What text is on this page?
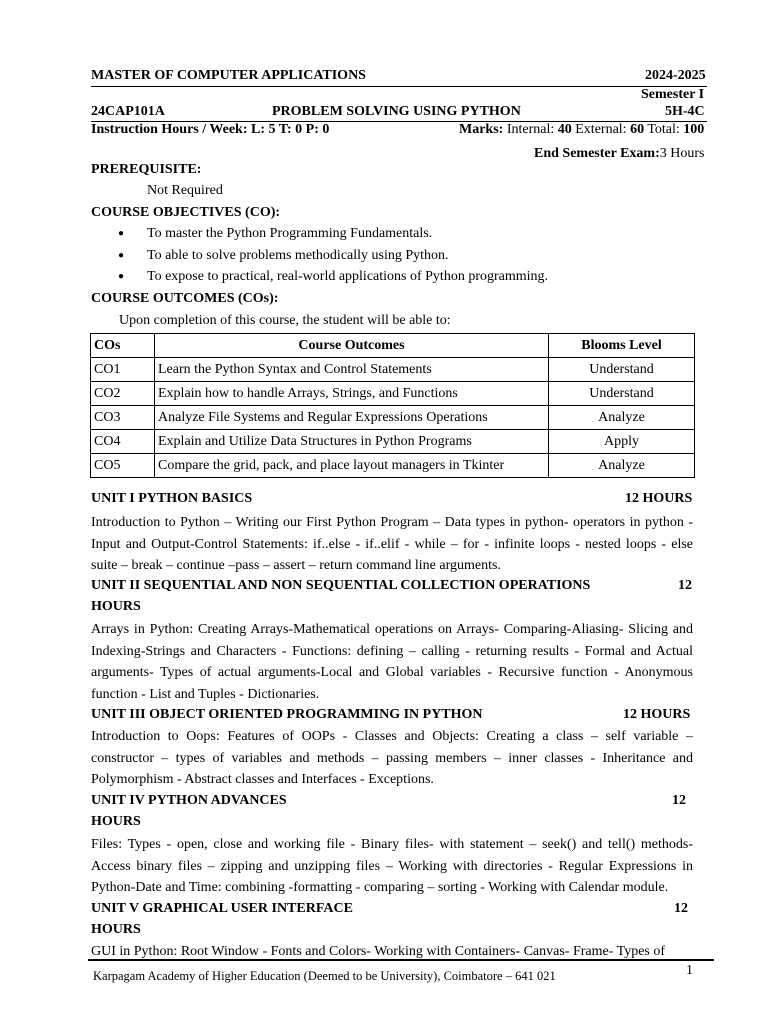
MASTER OF COMPUTER APPLICATIONS	2024-2025
Semester I
24CAP101A	PROBLEM SOLVING USING PYTHON	5H-4C
Instruction Hours / Week: L: 5 T: 0 P: 0	Marks: Internal: 40 External: 60 Total: 100
End Semester Exam:3 Hours
PREREQUISITE:
Not Required
COURSE OBJECTIVES (CO):
● To master the Python Programming Fundamentals.
● To able to solve problems methodically using Python.
● To expose to practical, real-world applications of Python programming.
COURSE OUTCOMES (COs):
Upon completion of this course, the student will be able to:
COs	Course Outcomes	Blooms Level
CO1	Learn the Python Syntax and Control Statements	Understand
CO2	Explain how to handle Arrays, Strings, and Functions	Understand
CO3	Analyze File Systems and Regular Expressions Operations	Analyze
CO4	Explain and Utilize Data Structures in Python Programs	Apply
CO5	Compare the grid, pack, and place layout managers in Tkinter	Analyze
UNIT I PYTHON BASICS	12 HOURS
Introduction to Python – Writing our First Python Program – Data types in python- operators in python - Input and Output-Control Statements: if..else - if..elif - while – for - infinite loops - nested loops - else suite – break – continue –pass – assert – return command line arguments.
UNIT II SEQUENTIAL AND NON SEQUENTIAL COLLECTION OPERATIONS	12
HOURS
Arrays in Python: Creating Arrays-Mathematical operations on Arrays- Comparing-Aliasing- Slicing and Indexing-Strings and Characters - Functions: defining – calling - returning results - Formal and Actual arguments- Types of actual arguments-Local and Global variables - Recursive function - Anonymous function - List and Tuples - Dictionaries.
UNIT III OBJECT ORIENTED PROGRAMMING IN PYTHON	12 HOURS
Introduction to Oops: Features of OOPs - Classes and Objects: Creating a class – self variable – constructor – types of variables and methods – passing members – inner classes - Inheritance and Polymorphism - Abstract classes and Interfaces - Exceptions.
UNIT IV PYTHON ADVANCES	12
HOURS
Files: Types - open, close and working file - Binary files- with statement – seek() and tell() methods- Access binary files – zipping and unzipping files – Working with directories - Regular Expressions in Python-Date and Time: combining -formatting - comparing – sorting - Working with Calendar module.
UNIT V GRAPHICAL USER INTERFACE	12
HOURS
GUI in Python: Root Window - Fonts and Colors- Working with Containers- Canvas- Frame- Types of
1
Karpagam Academy of Higher Education (Deemed to be University), Coimbatore – 641 021
